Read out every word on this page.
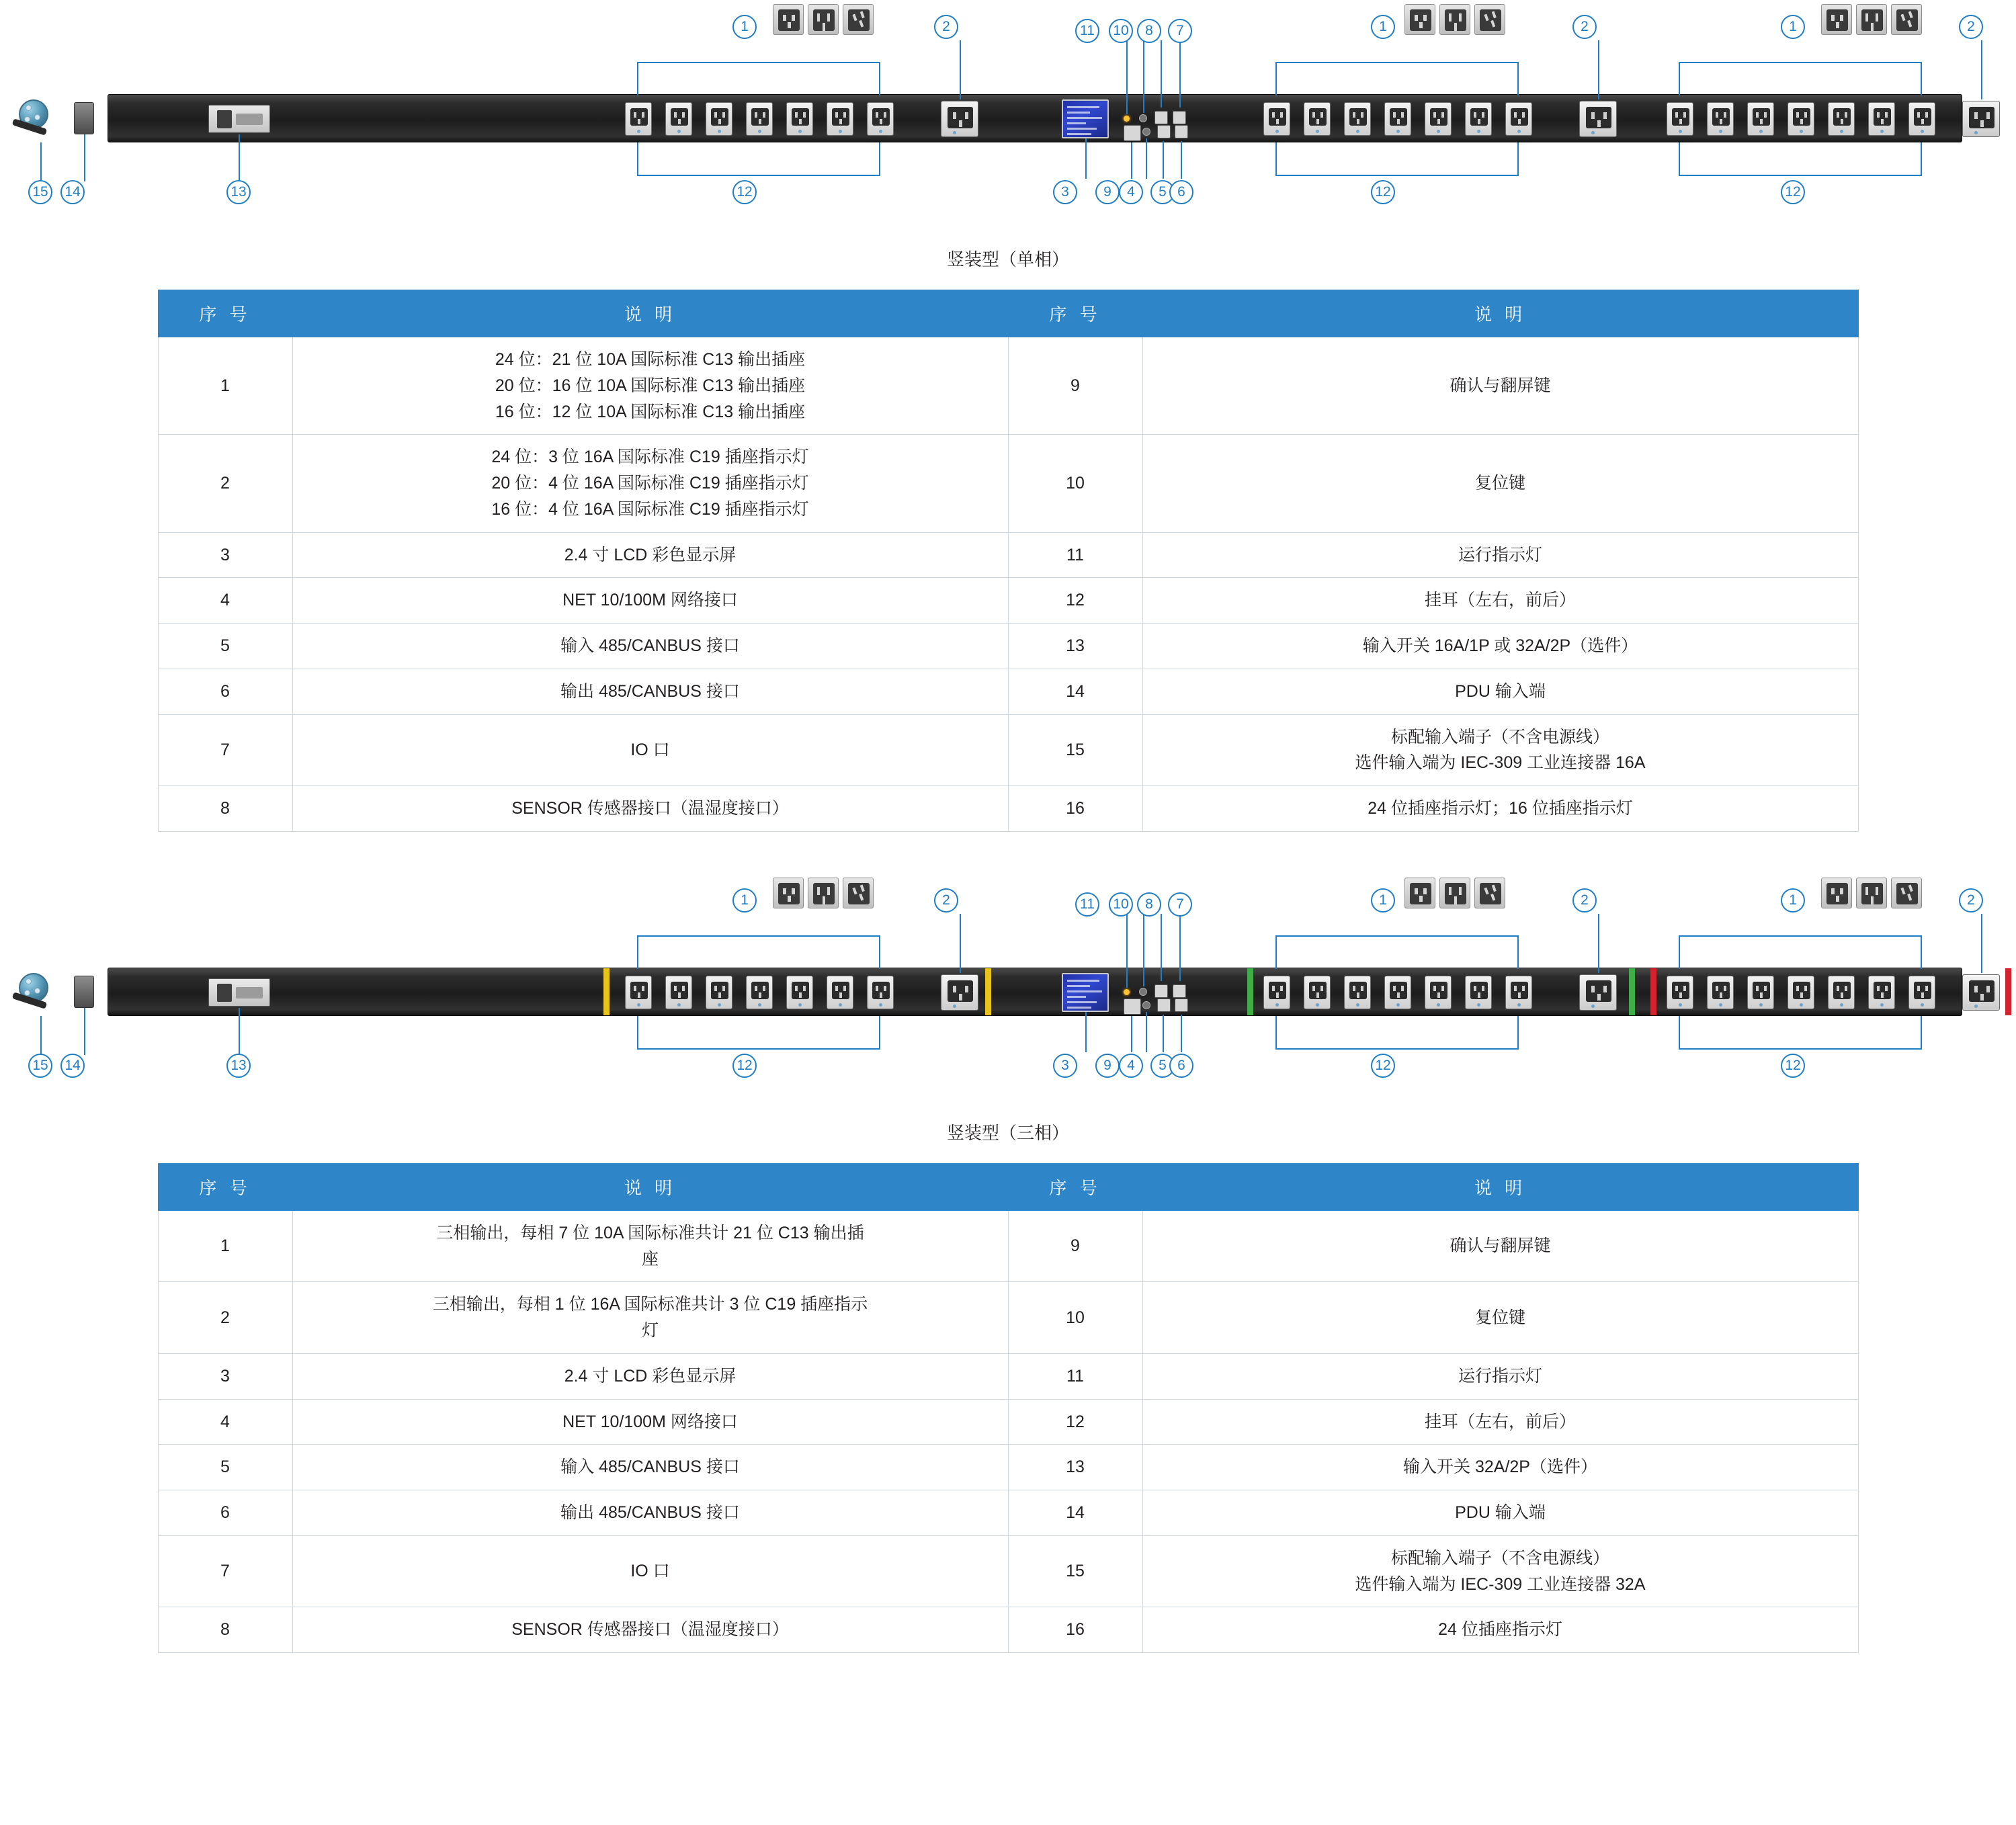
1	2	11	10	8	7	1	2	1	2
15	14	13	12	3	9	4	5 6	12	12
竖装型（单相）
序 号	说 明	序 号	说 明
1	24 位：21 位 10A 国际标准 C13 输出插座
20 位：16 位 10A 国际标准 C13 输出插座
16 位：12 位 10A 国际标准 C13 输出插座	9	确认与翻屏键

2	24 位：3 位 16A 国际标准 C19 插座指示灯
20 位：4 位 16A 国际标准 C19 插座指示灯
16 位：4 位 16A 国际标准 C19 插座指示灯	10	复位键

3	2.4 寸 LCD 彩色显示屏	11	运行指示灯

4	NET 10/100M 网络接口	12	挂耳（左右，前后）

5	输入 485/CANBUS 接口	13	输入开关 16A/1P 或 32A/2P（选件）

6	输出 485/CANBUS 接口	14	PDU 输入端

7	IO 口	15	标配输入端子（不含电源线）
选件输入端为 IEC-309 工业连接器 16A

8	SENSOR 传感器接口（温湿度接口）	16	24 位插座指示灯；16 位插座指示灯
1	2	11	10	8	7	1	2	1	2
15	14	13	12	3	9	4	5 6	12	12
竖装型（三相）
序 号	说 明	序 号	说 明
1	三相输出，每相 7 位 10A 国际标准共计 21 位 C13 输出插
座	9	确认与翻屏键

2	三相输出，每相 1 位 16A 国际标准共计 3 位 C19 插座指示
灯	10	复位键

3	2.4 寸 LCD 彩色显示屏	11	运行指示灯

4	NET 10/100M 网络接口	12	挂耳（左右，前后）

5	输入 485/CANBUS 接口	13	输入开关 32A/2P（选件）

6	输出 485/CANBUS 接口	14	PDU 输入端

7	IO 口	15	标配输入端子（不含电源线）
选件输入端为 IEC-309 工业连接器 32A

8	SENSOR 传感器接口（温湿度接口）	16	24 位插座指示灯
